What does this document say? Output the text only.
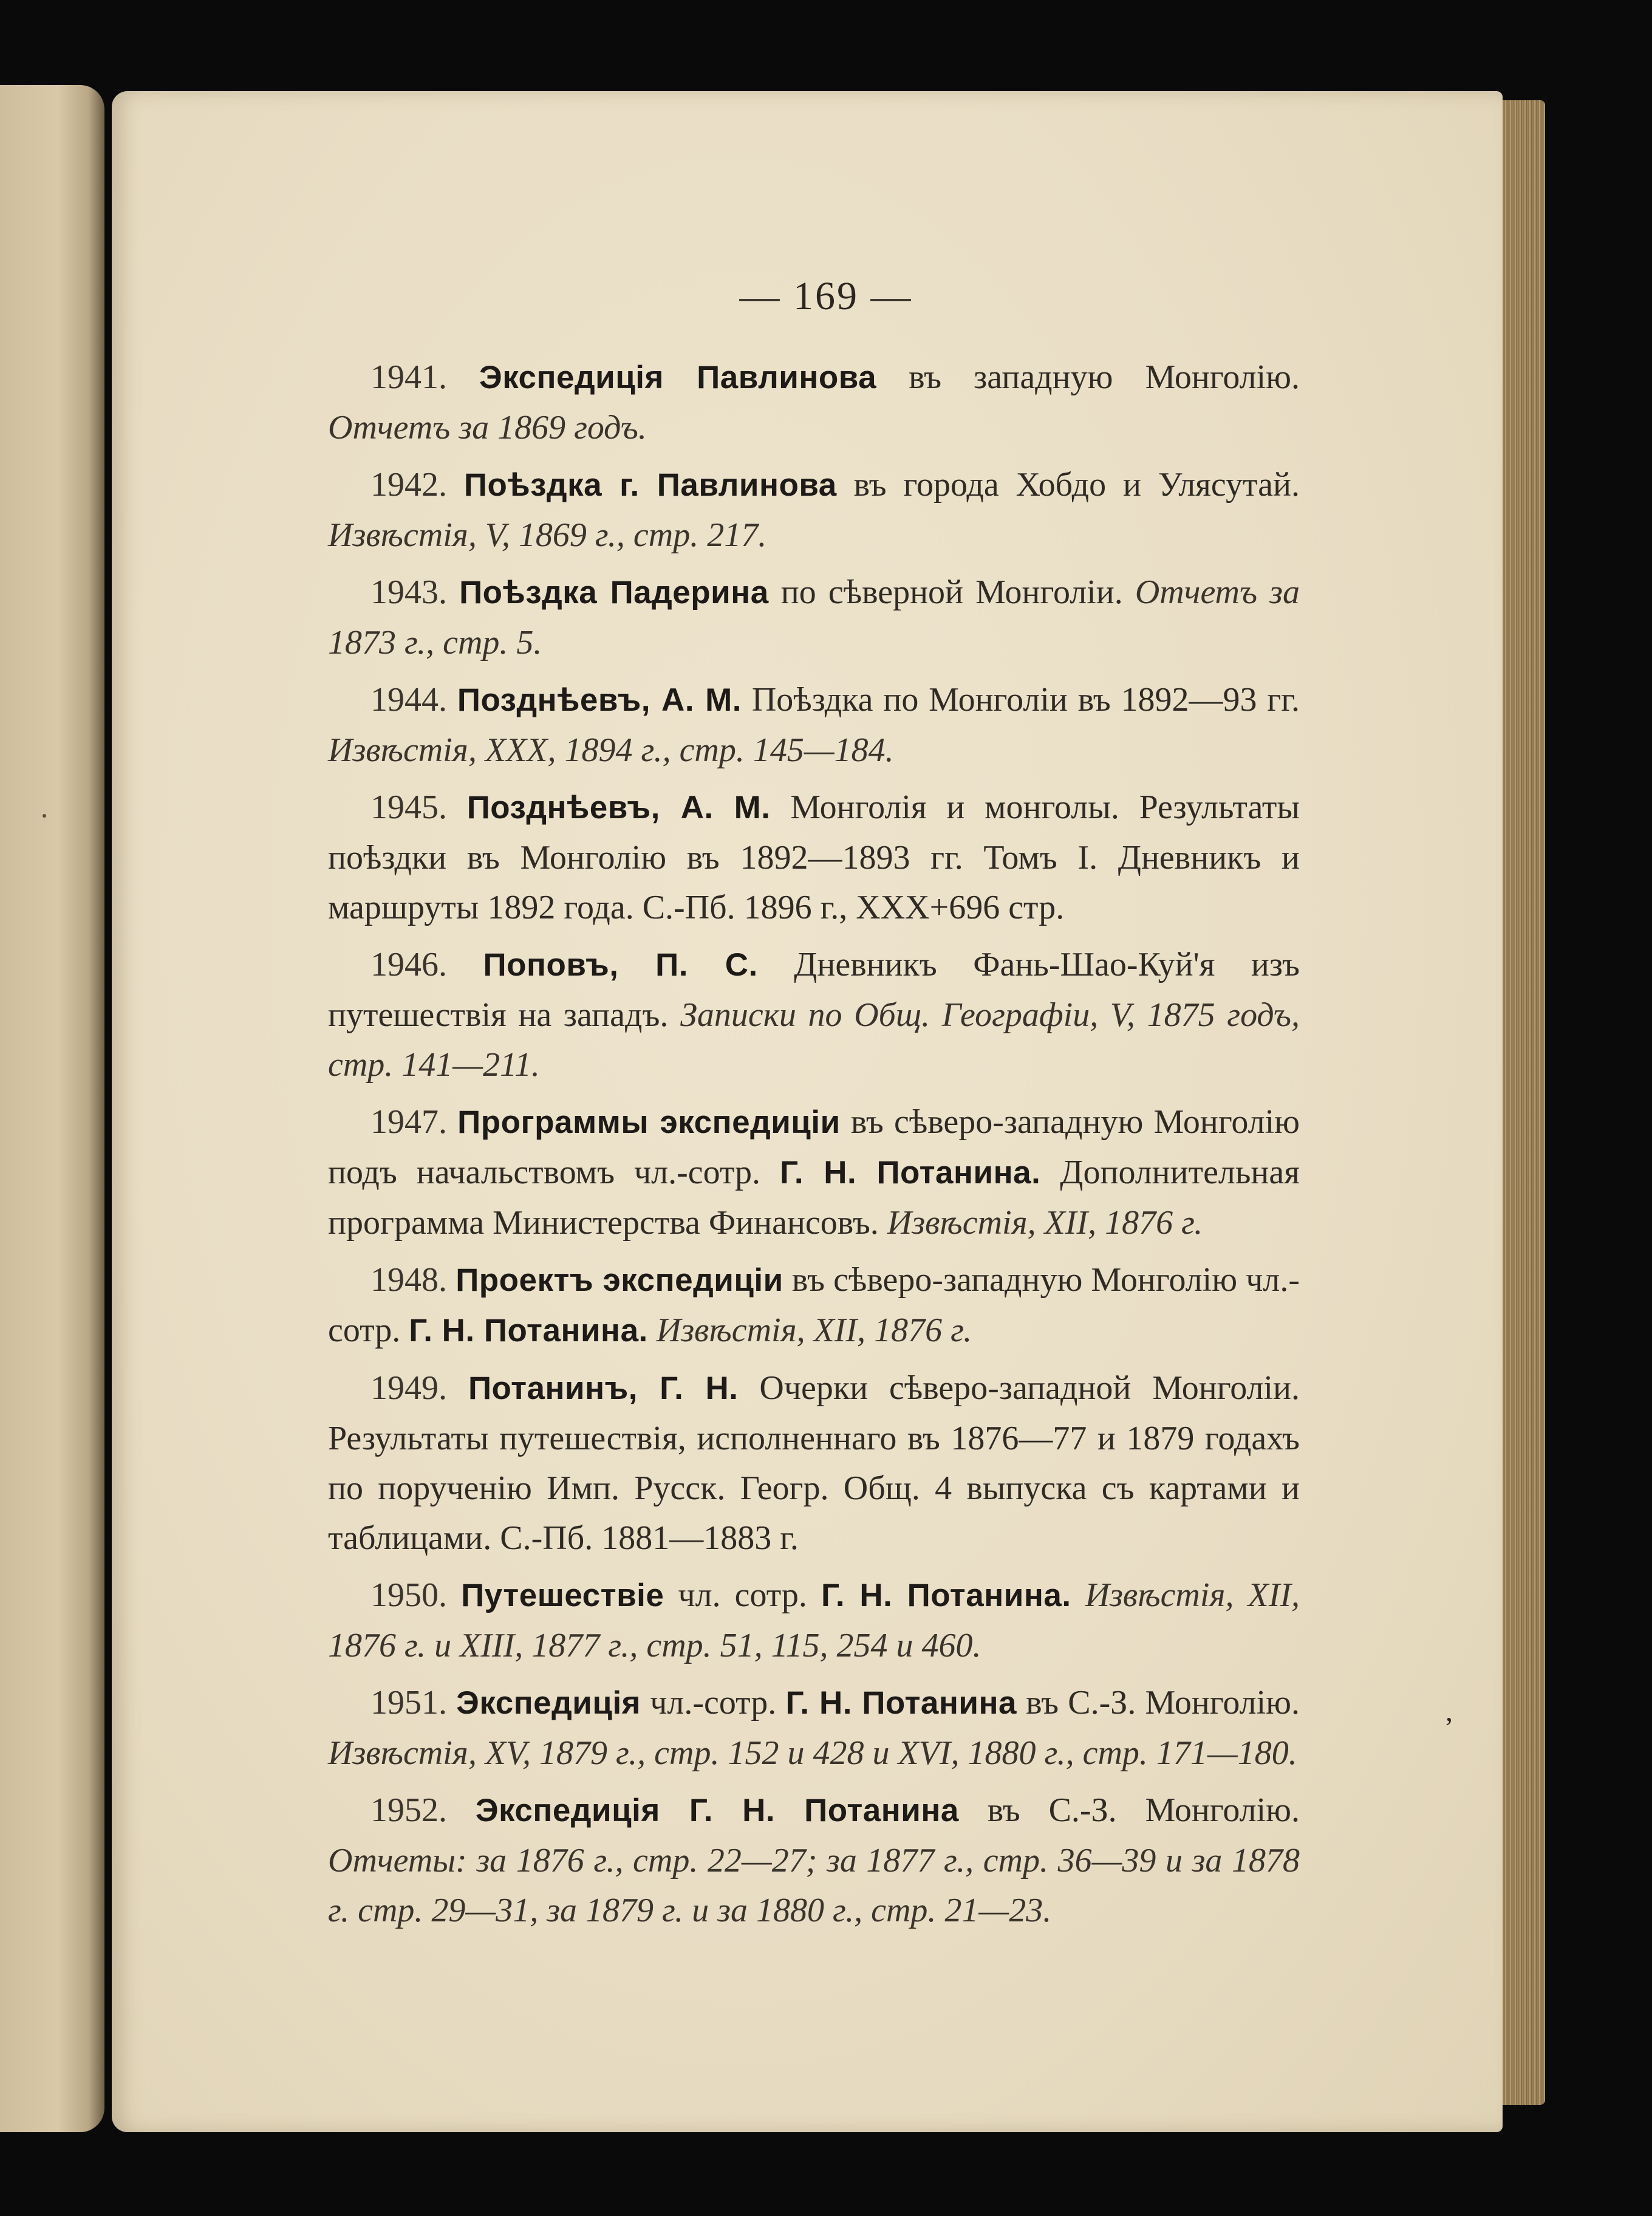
— 169 —

1941. Экспедиція Павлинова въ западную Монголію. Отчетъ за 1869 годъ.

1942. Поѣздка г. Павлинова въ города Хобдо и Улясутай. Извѣстія, V, 1869 г., стр. 217.

1943. Поѣздка Падерина по сѣверной Монголіи. Отчетъ за 1873 г., стр. 5.

1944. Позднѣевъ, А. М. Поѣздка по Монголіи въ 1892—93 гг. Извѣстія, XXX, 1894 г., стр. 145—184.

1945. Позднѣевъ, А. М. Монголія и монголы. Результаты поѣздки въ Монголію въ 1892—1893 гг. Томъ I. Дневникъ и маршруты 1892 года. С.-Пб. 1896 г., XXX+696 стр.

1946. Поповъ, П. С. Дневникъ Фань-Шао-Куй'я изъ путешествія на западъ. Записки по Общ. Географіи, V, 1875 годъ, стр. 141—211.

1947. Программы экспедиціи въ сѣверо-западную Монголію подъ начальствомъ чл.-сотр. Г. Н. Потанина. Дополнительная программа Министерства Финансовъ. Извѣстія, XII, 1876 г.

1948. Проектъ экспедиціи въ сѣверо-западную Монголію чл.-сотр. Г. Н. Потанина. Извѣстія, XII, 1876 г.

1949. Потанинъ, Г. Н. Очерки сѣверо-западной Монголіи. Результаты путешествія, исполненнаго въ 1876—77 и 1879 годахъ по порученію Имп. Русск. Геогр. Общ. 4 выпуска съ картами и таблицами. С.-Пб. 1881—1883 г.

1950. Путешествіе чл. сотр. Г. Н. Потанина. Извѣстія, XII, 1876 г. и XIII, 1877 г., стр. 51, 115, 254 и 460.

1951. Экспедиція чл.-сотр. Г. Н. Потанина въ С.-З. Монголію. Извѣстія, XV, 1879 г., стр. 152 и 428 и XVI, 1880 г., стр. 171—180.

1952. Экспедиція Г. Н. Потанина въ С.-З. Монголію. Отчеты: за 1876 г., стр. 22—27; за 1877 г., стр. 36—39 и за 1878 г. стр. 29—31, за 1879 г. и за 1880 г., стр. 21—23.

,
